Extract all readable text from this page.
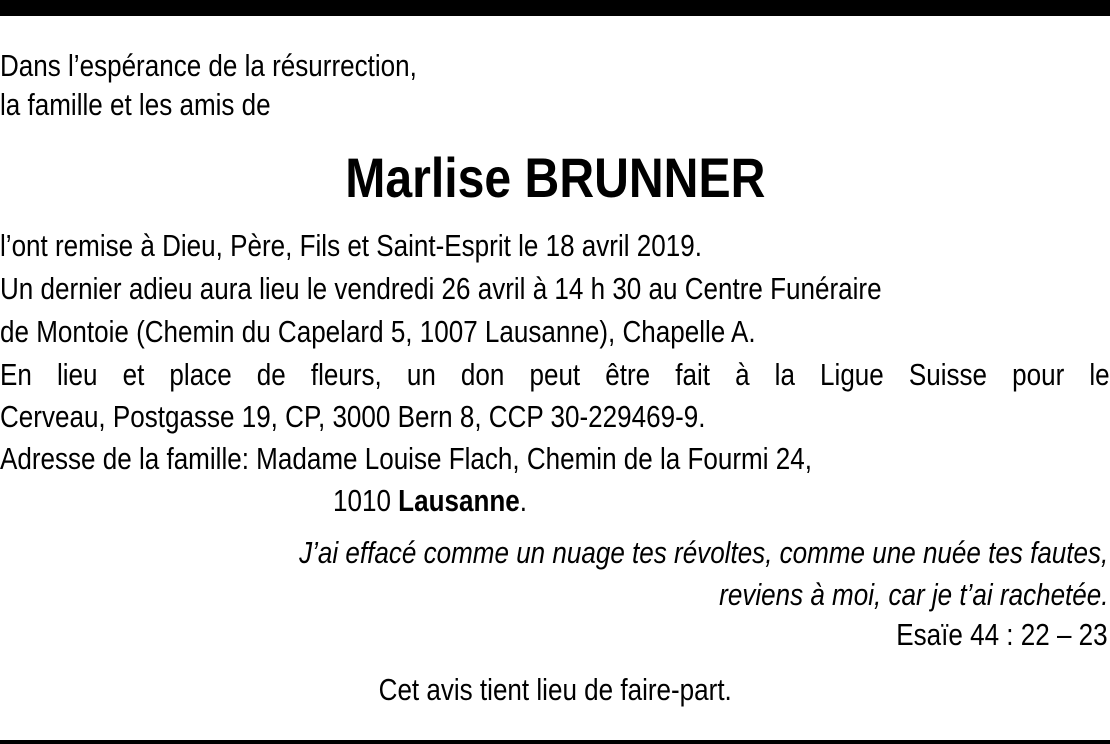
Dans l’espérance de la résurrection,
la famille et les amis de
Marlise BRUNNER
l’ont remise à Dieu, Père, Fils et Saint-Esprit le 18 avril 2019.
Un dernier adieu aura lieu le vendredi 26 avril à 14 h 30 au Centre Funéraire
de Montoie (Chemin du Capelard 5, 1007 Lausanne), Chapelle A.
En lieu et place de fleurs, un don peut être fait à la Ligue Suisse pour le
Cerveau, Postgasse 19, CP, 3000 Bern 8, CCP 30-229469-9.
Adresse de la famille: Madame Louise Flach, Chemin de la Fourmi 24,
1010 Lausanne.
J’ai effacé comme un nuage tes révoltes, comme une nuée tes fautes,
reviens à moi, car je t’ai rachetée.
Esaïe 44 : 22 – 23
Cet avis tient lieu de faire-part.
